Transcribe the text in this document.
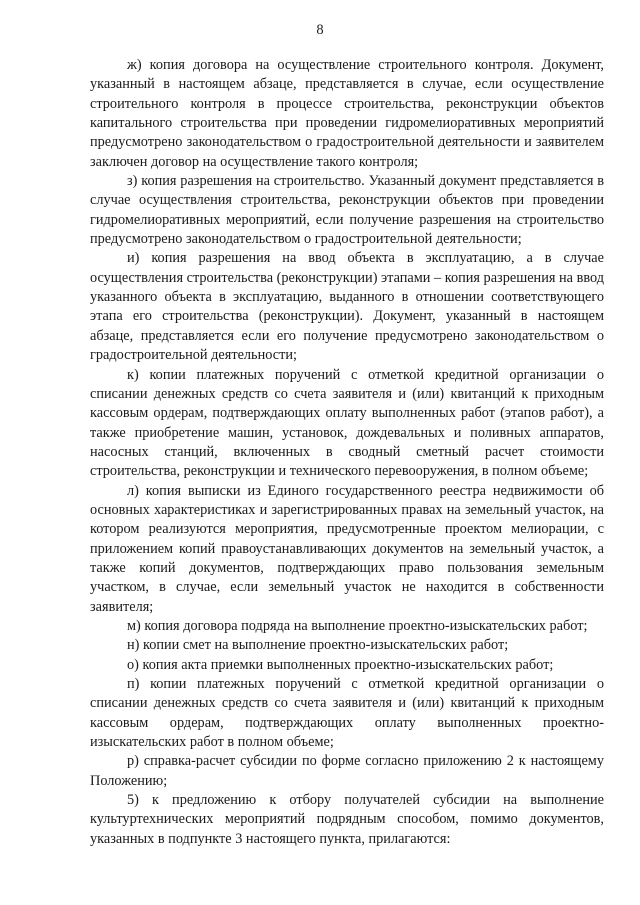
8

ж) копия договора на осуществление строительного контроля. Документ, указанный в настоящем абзаце, представляется в случае, если осуществление строительного контроля в процессе строительства, реконструкции объектов капитального строительства при проведении гидромелиоративных мероприятий предусмотрено законодательством о градостроительной деятельности и заявителем заключен договор на осуществление такого контроля;

з) копия разрешения на строительство. Указанный документ представляется в случае осуществления строительства, реконструкции объектов при проведении гидромелиоративных мероприятий, если получение разрешения на строительство предусмотрено законодательством о градостроительной деятельности;

и) копия разрешения на ввод объекта в эксплуатацию, а в случае осуществления строительства (реконструкции) этапами – копия разрешения на ввод указанного объекта в эксплуатацию, выданного в отношении соответствующего этапа его строительства (реконструкции). Документ, указанный в настоящем абзаце, представляется если его получение предусмотрено законодательством о градостроительной деятельности;

к) копии платежных поручений с отметкой кредитной организации о списании денежных средств со счета заявителя и (или) квитанций к приходным кассовым ордерам, подтверждающих оплату выполненных работ (этапов работ), а также приобретение машин, установок, дождевальных и поливных аппаратов, насосных станций, включенных в сводный сметный расчет стоимости строительства, реконструкции и технического перевооружения, в полном объеме;

л) копия выписки из Единого государственного реестра недвижимости об основных характеристиках и зарегистрированных правах на земельный участок, на котором реализуются мероприятия, предусмотренные проектом мелиорации, с приложением копий правоустанавливающих документов на земельный участок, а также копий документов, подтверждающих право пользования земельным участком, в случае, если земельный участок не находится в собственности заявителя;

м) копия договора подряда на выполнение проектно-изыскательских работ;

н) копии смет на выполнение проектно-изыскательских работ;

о) копия акта приемки выполненных проектно-изыскательских работ;

п) копии платежных поручений с отметкой кредитной организации о списании денежных средств со счета заявителя и (или) квитанций к приходным кассовым ордерам, подтверждающих оплату выполненных проектно-изыскательских работ в полном объеме;

р) справка-расчет субсидии по форме согласно приложению 2 к настоящему Положению;

5) к предложению к отбору получателей субсидии на выполнение культуртехнических мероприятий подрядным способом, помимо документов, указанных в подпункте 3 настоящего пункта, прилагаются:
